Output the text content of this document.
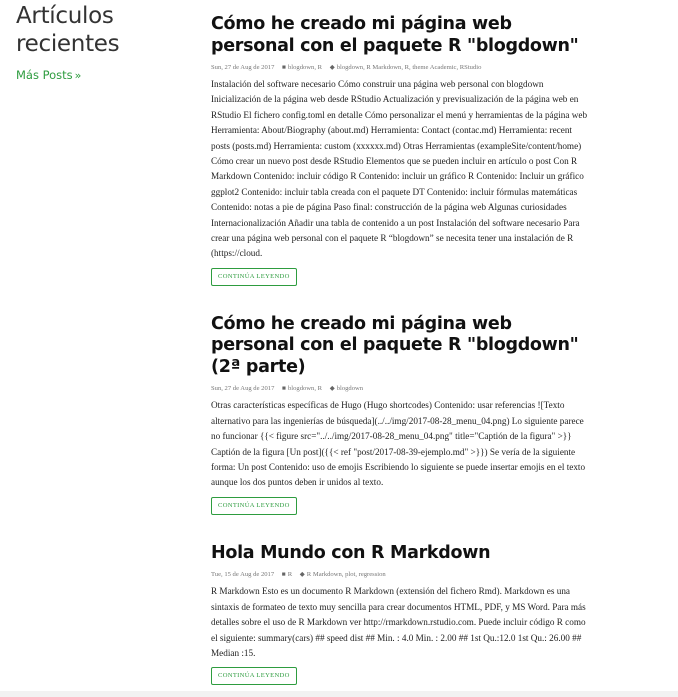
Artículos
recientes
Más Posts »
Cómo he creado mi página web personal con el paquete R "blogdown"
Sun, 27 de Aug de 2017 ■ blogdown, R ◆ blogdown, R Markdown, R, theme Academic, RStudio

Instalación del software necesario Cómo construir una página web personal con blogdown Inicialización de la página web desde RStudio Actualización y previsualización de la página web en RStudio El fichero config.toml en detalle Cómo personalizar el menú y herramientas de la página web Herramienta: About/Biography (about.md) Herramienta: Contact (contac.md) Herramienta: recent posts (posts.md) Herramienta: custom (xxxxxx.md) Otras Herramientas (exampleSite/content/home) Cómo crear un nuevo post desde RStudio Elementos que se pueden incluir en artículo o post Con R Markdown Contenido: incluir código R Contenido: incluir un gráfico R Contenido: Incluir un gráfico ggplot2 Contenido: incluir tabla creada con el paquete DT Contenido: incluir fórmulas matemáticas Contenido: notas a pie de página Paso final: construcción de la página web Algunas curiosidades Internacionalización Añadir una tabla de contenido a un post Instalación del software necesario Para crear una página web personal con el paquete R “blogdown” se necesita tener una instalación de R (https://cloud.

CONTINÚA LEYENDO
Cómo he creado mi página web personal con el paquete R "blogdown" (2ª parte)
Sun, 27 de Aug de 2017 ■ blogdown, R ◆ blogdown

Otras características específicas de Hugo (Hugo shortcodes) Contenido: usar referencias ![Texto alternativo para las ingenierías de búsqueda](../../img/2017-08-28_menu_04.png) Lo siguiente parece no funcionar {{< figure src="../../img/2017-08-28_menu_04.png" title="Captión de la figura" >}} Captión de la figura [Un post]({{< ref "post/2017-08-39-ejemplo.md" >}}) Se vería de la siguiente forma: Un post Contenido: uso de emojis Escribiendo lo siguiente se puede insertar emojis en el texto aunque los dos puntos deben ir unidos al texto.

CONTINÚA LEYENDO
Hola Mundo con R Markdown
Tue, 15 de Aug de 2017 ■ R ◆ R Markdown, plot, regression

R Markdown Esto es un documento R Markdown (extensión del fichero Rmd). Markdown es una sintaxis de formateo de texto muy sencilla para crear documentos HTML, PDF, y MS Word. Para más detalles sobre el uso de R Markdown ver http://rmarkdown.rstudio.com. Puede incluir código R como el siguiente: summary(cars) ## speed dist ## Min. : 4.0 Min. : 2.00 ## 1st Qu.:12.0 1st Qu.: 26.00 ## Median :15.

CONTINÚA LEYENDO
